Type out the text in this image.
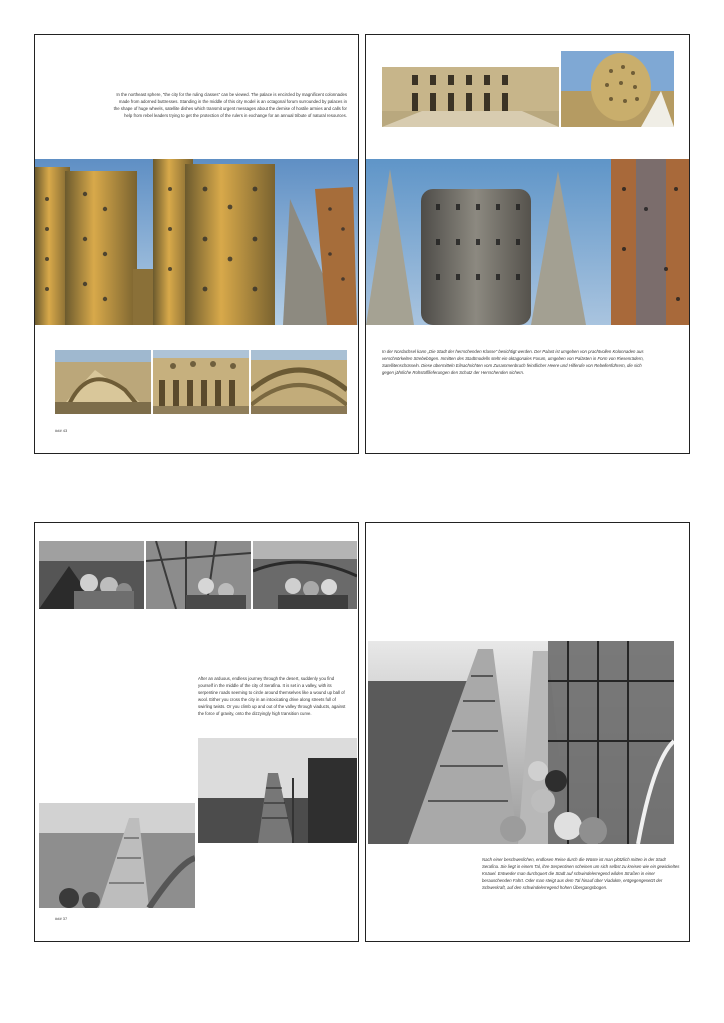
In the northeast sphere, “the city for the ruling classes” can be viewed. The palace is encircled by magnificent colonnades made from adorned buttresses. Standing in the middle of this city model is an octagonal forum surrounded by palaces in the shape of huge wheels, satellite dishes which transmit urgent messages about the demise of hostile armies and calls for help from rebel leaders trying to get the protection of the rulers in exchange for an annual tribute of natural resources.
### 43
In der Nordachsel kann „Die Stadt der herrschenden Klasse“ besichtigt werden. Der Palast ist umgeben von prachtvollen Kolonnaden aus verschnörkelten Strebebögen. Inmitten des Stadtmodells steht ein oktagonales Forum, umgeben von Palästen in Form von Riesenrädern, Satellitenschüsseln. Diese übermitteln Eilnachrichten vom Zusammenbruch feindlicher Heere und Hilferufe von Rebellenführern, die sich gegen jährliche Rohstofflieferungen den Schutz der Herrschenden sichern.
After an arduous, endless journey through the desert, suddenly you find yourself in the middle of the city of Serafina. It is set in a valley, with its serpentine roads seeming to circle around themselves like a wound up ball of wool. Either you cross the city in an intoxicating drive along streets full of swirling twists. Or you climb up and out of the valley through viaducts, against the force of gravity, onto the dizzyingly high transition curve.
### 37
Nach einer beschwerlichen, endlosen Reise durch die Wüste ist man plötzlich mitten in der Stadt Serafina. Sie liegt in einem Tal, ihre Serpentinen scheinen um sich selbst zu kreisen wie ein gewickeltes Knäuel. Entweder man durchquert die Stadt auf schwindelerregend wilden Straßen in einer berauschenden Fahrt. Oder man steigt aus dem Tal hinauf über Viadukte, entgegengesetzt der Schwerkraft, auf den schwindelerregend hohen Übergangsbogen.
